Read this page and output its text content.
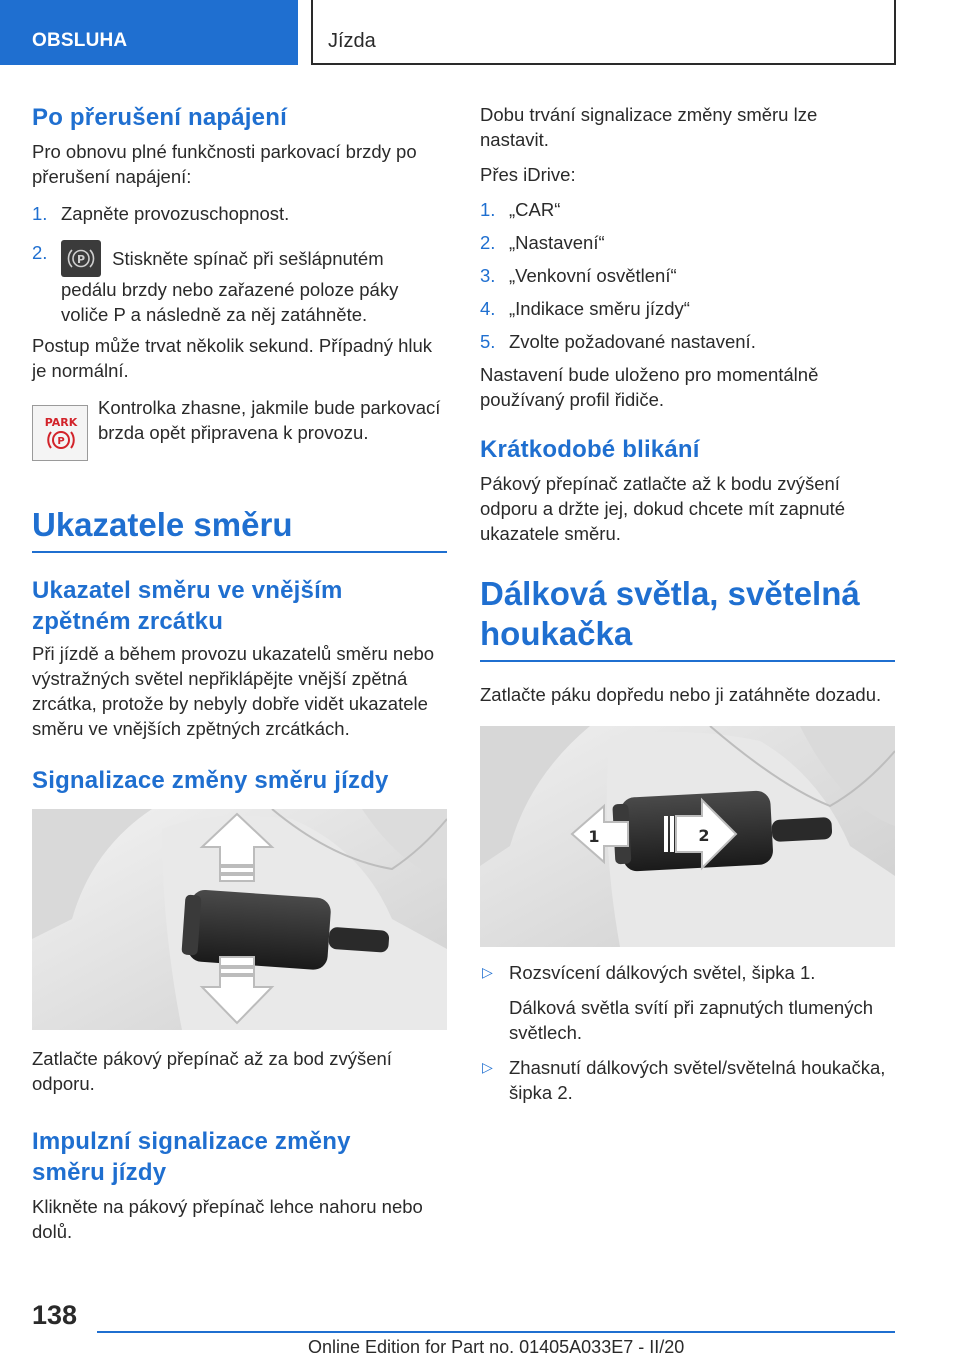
OBSLUHA	Jízda
Po přerušení napájení

Pro obnovu plné funkčnosti parkovací brzdy po přerušení napájení:

1. Zapněte provozuschopnost.
2.	P Stiskněte spínač při sešlápnutém pedálu brzdy nebo zařazené poloze páky voliče P a následně za něj zatáhněte.

Postup může trvat několik sekund. Případný hluk je normální.

PARK
P

Kontrolka zhasne, jakmile bude parkovací brzda opět připravena k provozu.

Ukazatele směru
Ukazatel směru ve vnějším zpětném zrcátku

Při jízdě a během provozu ukazatelů směru nebo výstražných světel nepřiklápějte vnější zpětná zrcátka, protože by nebyly dobře vidět ukazatele směru ve vnějších zpětných zrcátkách.

Signalizace změny směru jízdy

Zatlačte pákový přepínač až za bod zvýšení odporu.

Impulzní signalizace změny směru jízdy

Klikněte na pákový přepínač lehce nahoru nebo dolů.

Dobu trvání signalizace změny směru lze nastavit.

Přes iDrive:

1. „CAR“
2. „Nastavení“
3. „Venkovní osvětlení“
4. „Indikace směru jízdy“
5. Zvolte požadované nastavení.

Nastavení bude uloženo pro momentálně používaný profil řidiče.

Krátkodobé blikání

Pákový přepínač zatlačte až k bodu zvýšení odporu a držte jej, dokud chcete mít zapnuté ukazatele směru.

Dálková světla, světelná houkačka

Zatlačte páku dopředu nebo ji zatáhněte dozadu.

1	2
▷ Rozsvícení dálkových světel, šipka 1.

Dálková světla svítí při zapnutých tlumených světlech.

▷ Zhasnutí dálkových světel/světelná houkačka, šipka 2.
138
Online Edition for Part no. 01405A033E7 - II/20
